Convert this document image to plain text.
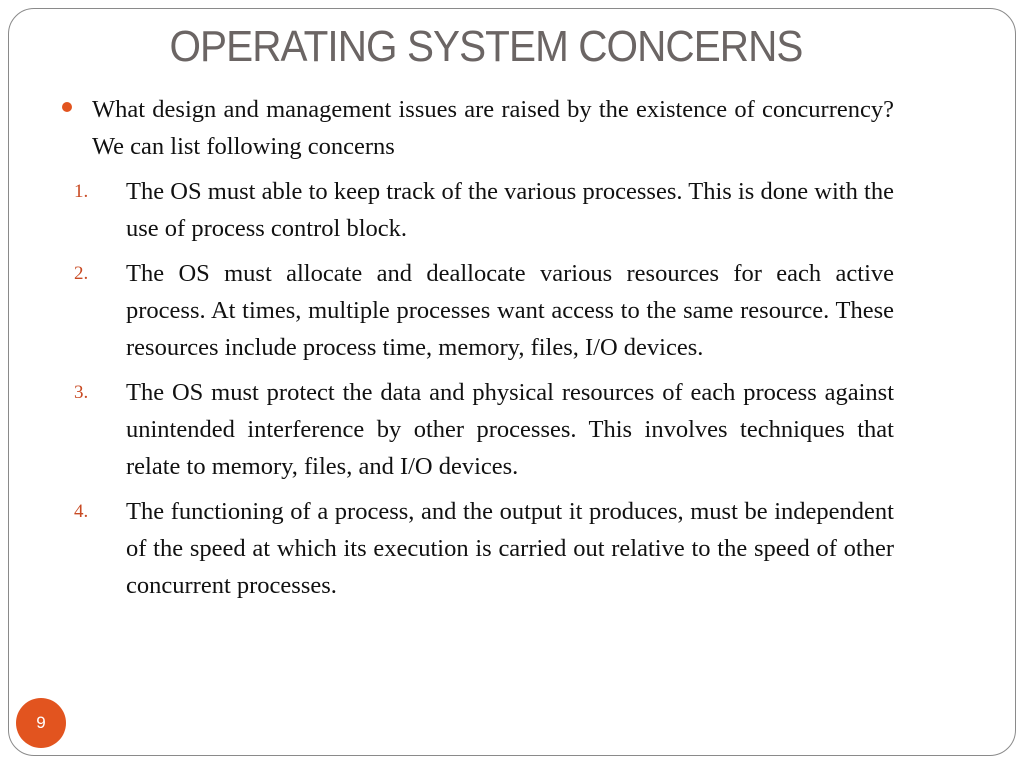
OPERATING SYSTEM CONCERNS
What design and management issues are raised by the existence of concurrency?We can list following concerns
1. The OS must able to keep track of the various processes. This is done with the use of process control block.
2. The OS must allocate and deallocate various resources for each active process. At times, multiple processes want access to the same resource. These resources include process time, memory, files, I/O devices.
3. The OS must protect the data and physical resources of each process against unintended interference by other processes. This involves techniques that relate to memory, files, and I/O devices.
4. The functioning of a process, and the output it produces, must be independent of the speed at which its execution is carried out relative to the speed of other concurrent processes.
9
